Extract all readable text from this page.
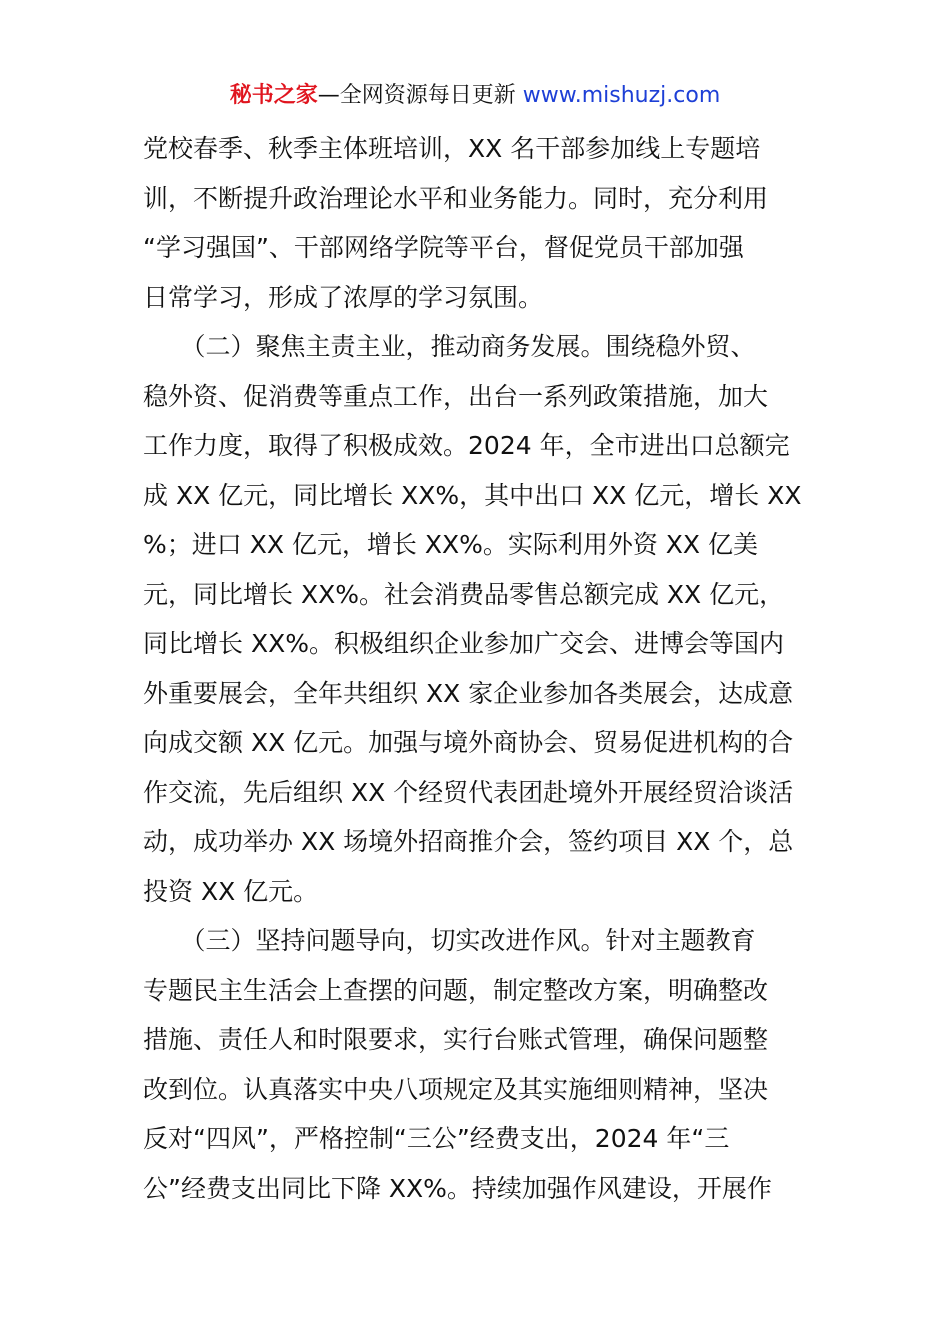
秘书之家—全网资源每日更新 www.mishuzj.com
党校春季、秋季主体班培训，XX 名干部参加线上专题培
训，不断提升政治理论水平和业务能力。同时，充分利用
“学习强国”、干部网络学院等平台，督促党员干部加强
日常学习，形成了浓厚的学习氛围。
　　（二）聚焦主责主业，推动商务发展。围绕稳外贸、
稳外资、促消费等重点工作，出台一系列政策措施，加大
工作力度，取得了积极成效。2024 年，全市进出口总额完
成 XX 亿元，同比增长 XX%，其中出口 XX 亿元，增长 XX
%；进口 XX 亿元，增长 XX%。实际利用外资 XX 亿美
元，同比增长 XX%。社会消费品零售总额完成 XX 亿元，
同比增长 XX%。积极组织企业参加广交会、进博会等国内
外重要展会，全年共组织 XX 家企业参加各类展会，达成意
向成交额 XX 亿元。加强与境外商协会、贸易促进机构的合
作交流，先后组织 XX 个经贸代表团赴境外开展经贸洽谈活
动，成功举办 XX 场境外招商推介会，签约项目 XX 个，总
投资 XX 亿元。
　　（三）坚持问题导向，切实改进作风。针对主题教育
专题民主生活会上查摆的问题，制定整改方案，明确整改
措施、责任人和时限要求，实行台账式管理，确保问题整
改到位。认真落实中央八项规定及其实施细则精神，坚决
反对“四风”，严格控制“三公”经费支出，2024 年“三
公”经费支出同比下降 XX%。持续加强作风建设，开展作
